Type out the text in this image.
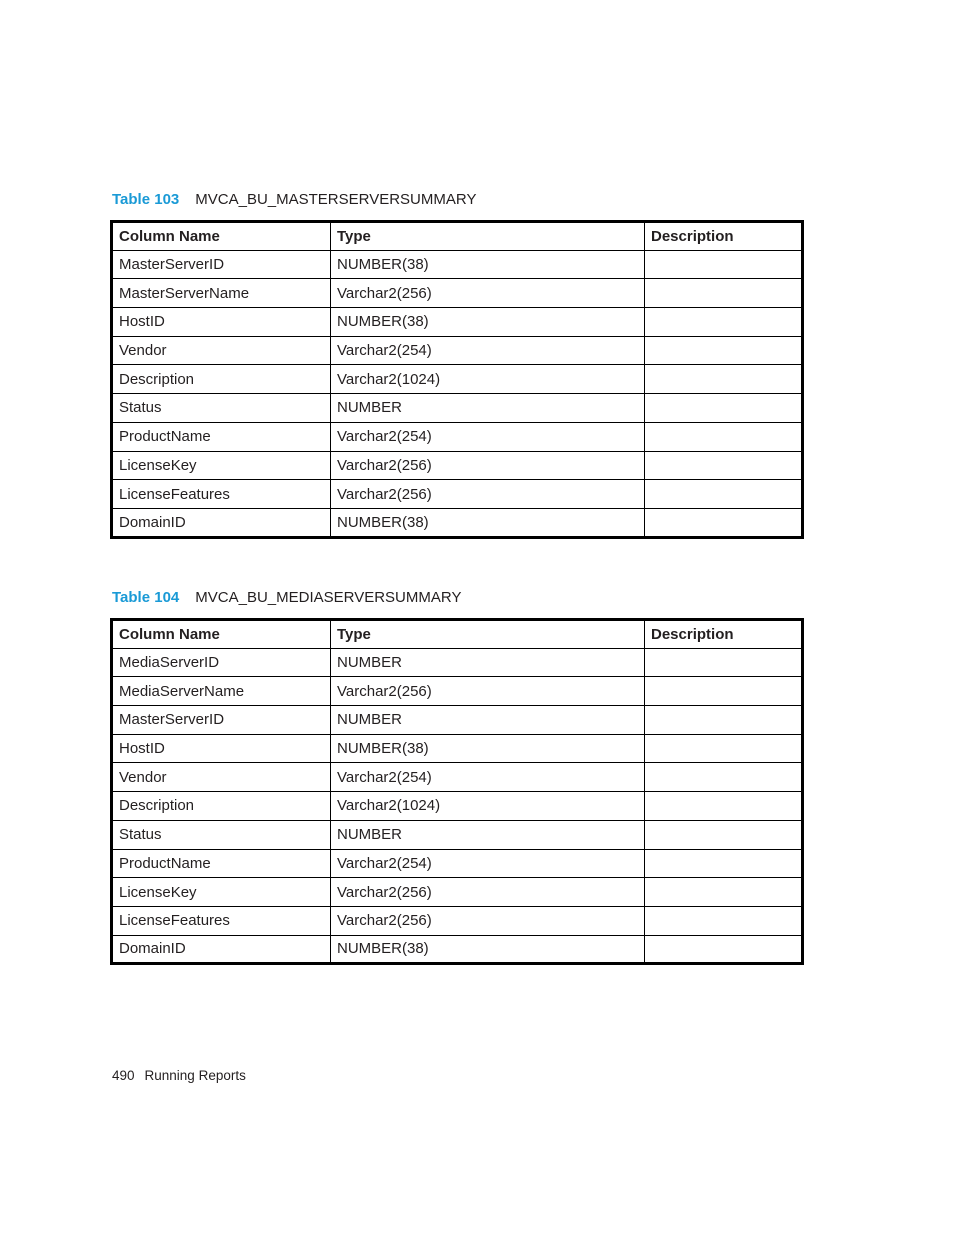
Table 103 MVCA_BU_MASTERSERVERSUMMARY
Column Name	Type	Description
MasterServerID	NUMBER(38)	
MasterServerName	Varchar2(256)	
HostID	NUMBER(38)	
Vendor	Varchar2(254)	
Description	Varchar2(1024)	
Status	NUMBER	
ProductName	Varchar2(254)	
LicenseKey	Varchar2(256)	
LicenseFeatures	Varchar2(256)	
DomainID	NUMBER(38)	
Table 104 MVCA_BU_MEDIASERVERSUMMARY
Column Name	Type	Description
MediaServerID	NUMBER	
MediaServerName	Varchar2(256)	
MasterServerID	NUMBER	
HostID	NUMBER(38)	
Vendor	Varchar2(254)	
Description	Varchar2(1024)	
Status	NUMBER	
ProductName	Varchar2(254)	
LicenseKey	Varchar2(256)	
LicenseFeatures	Varchar2(256)	
DomainID	NUMBER(38)	
490 Running Reports
